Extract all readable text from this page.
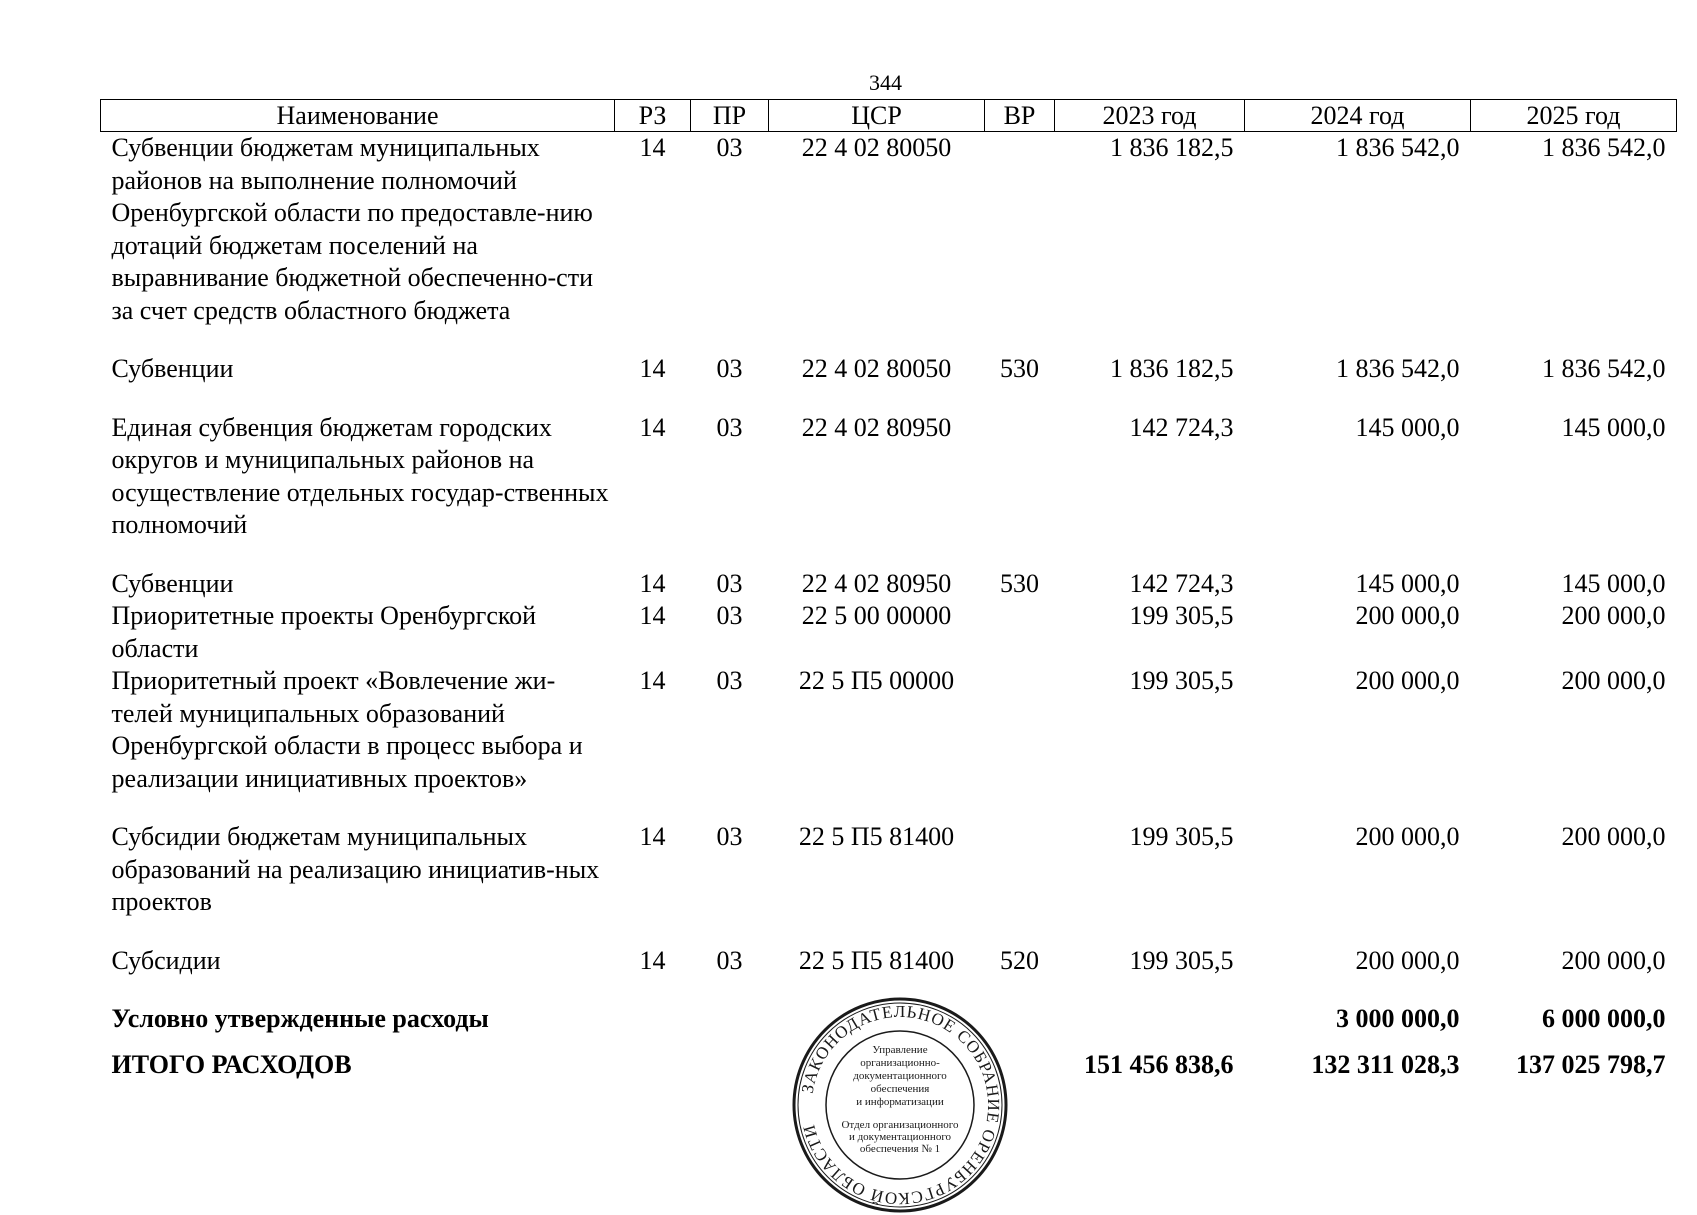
344
Наименование	РЗ	ПР	ЦСР	ВР	2023 год	2024 год	2025 год
Субвенции бюджетам муниципальных районов на выполнение полномочий Оренбургской области по предоставле-нию дотаций бюджетам поселений на выравнивание бюджетной обеспеченно-сти за счет средств областного бюджета	14	03	22 4 02 80050		1 836 182,5	1 836 542,0	1 836 542,0
Субвенции	14	03	22 4 02 80050	530	1 836 182,5	1 836 542,0	1 836 542,0
Единая субвенция бюджетам городских округов и муниципальных районов на осуществление отдельных государ-ственных полномочий	14	03	22 4 02 80950		142 724,3	145 000,0	145 000,0
Субвенции	14	03	22 4 02 80950	530	142 724,3	145 000,0	145 000,0
Приоритетные проекты Оренбургской области	14	03	22 5 00 00000		199 305,5	200 000,0	200 000,0
Приоритетный проект «Вовлечение жи-телей муниципальных образований Оренбургской области в процесс выбора и реализации инициативных проектов»	14	03	22 5 П5 00000		199 305,5	200 000,0	200 000,0
Субсидии бюджетам муниципальных образований на реализацию инициатив-ных проектов	14	03	22 5 П5 81400		199 305,5	200 000,0	200 000,0
Субсидии	14	03	22 5 П5 81400	520	199 305,5	200 000,0	200 000,0
Условно утвержденные расходы						3 000 000,0	6 000 000,0
ИТОГО РАСХОДОВ					151 456 838,6	132 311 028,3	137 025 798,7
ЗАКОНОДАТЕЛЬНОЕ СОБРАНИЕ ОРЕНБУРГСКОЙ ОБЛАСТИ
Управление
организационно-
документационного
обеспечения
и информатизации
Отдел организационного
и документационного
обеспечения № 1
